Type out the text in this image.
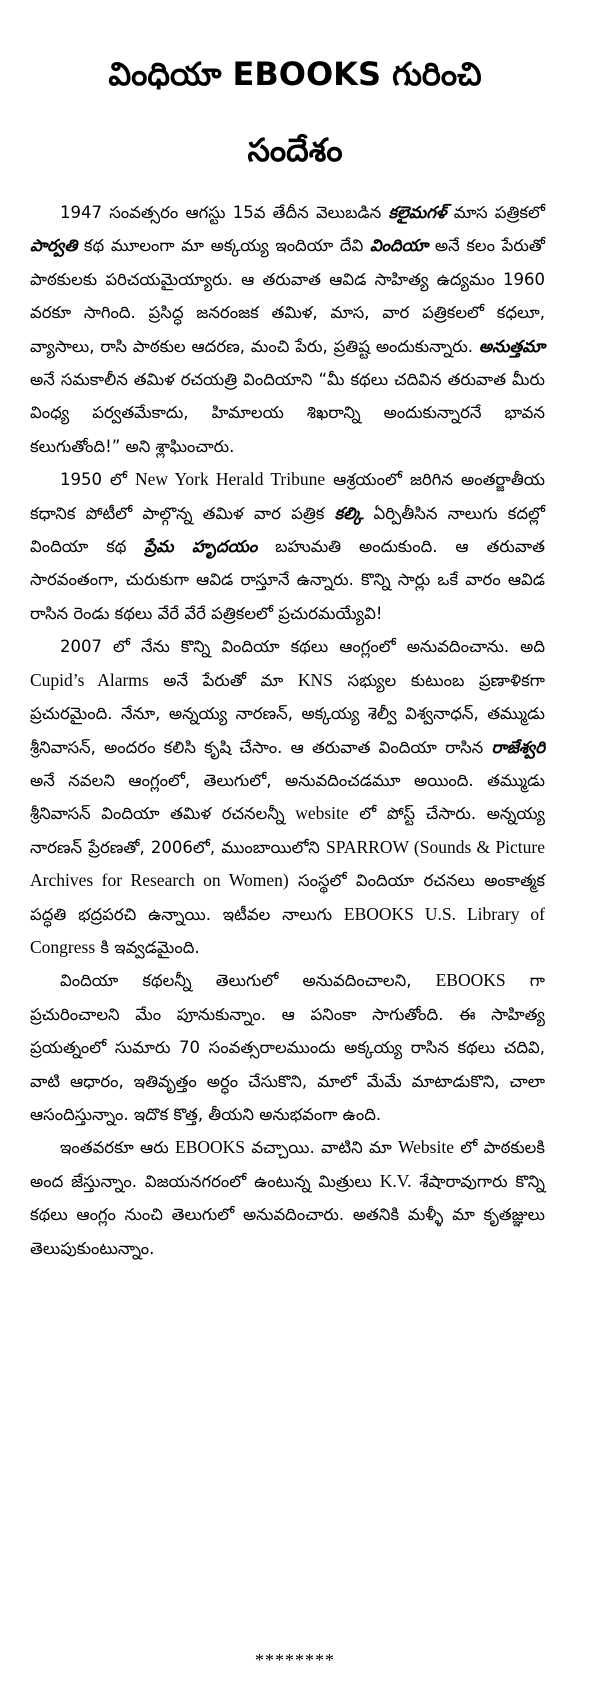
వింధియా EBOOKS గురించి
సందేశం

1947 సంవత్సరం ఆగస్టు 15వ తేదీన వెలుబడిన కలైమగళ్ మాస పత్రికలో పార్వతి కథ మూలంగా మా అక్కయ్య ఇందియా దేవి విందియా అనే కలం పేరుతో పాఠకులకు పరిచయమైయ్యారు. ఆ తరువాత ఆవిడ సాహిత్య ఉద్యమం 1960 వరకూ సాగింది. ప్రసిద్ధ జనరంజక తమిళ, మాస, వార పత్రికలలో కధలూ, వ్యాసాలు, రాసి పాఠకుల ఆదరణ, మంచి పేరు, ప్రతిష్ట అందుకున్నారు. అనుత్తమా అనే సమకాలీన తమిళ రచయత్రి విందియాని “మీ కథలు చదివిన తరువాత మీరు వింధ్య పర్వతమేకాదు, హిమాలయ శిఖరాన్ని అందుకున్నారనే భావన కలుగుతోంది!” అని శ్లాఘించారు.

1950 లో New York Herald Tribune ఆశ్రయంలో జరిగిన అంతర్జాతీయ కధానిక పోటీలో పాల్గొన్న తమిళ వార పత్రిక కల్కి ఏర్పితీసిన నాలుగు కదల్లో విందియా కథ ప్రేమ హృదయం బహుమతి అందుకుంది. ఆ తరువాత సారవంతంగా, చురుకుగా ఆవిడ రాస్తూనే ఉన్నారు. కొన్ని సార్లు ఒకే వారం ఆవిడ రాసిన రెండు కథలు వేరే వేరే పత్రికలలో ప్రచురమయ్యేవి!

2007 లో నేను కొన్ని విందియా కథలు ఆంగ్లంలో అనువదించాను. అది Cupid’s Alarms అనే పేరుతో మా KNS సభ్యుల కుటుంబ ప్రణాళికగా ప్రచురమైంది. నేనూ, అన్నయ్య నారణన్, అక్కయ్య శెల్వీ విశ్వనాధన్, తమ్ముడు శ్రీనివాసన్, అందరం కలిసి కృషి చేసాం. ఆ తరువాత విందియా రాసిన రాజేశ్వరి అనే నవలని ఆంగ్లంలో, తెలుగులో, అనువదించడమూ అయింది. తమ్ముడు శ్రీనివాసన్ విందియా తమిళ రచనలన్నీ website లో పోస్ట్ చేసారు. అన్నయ్య నారణన్ ప్రేరణతో, 2006లో, ముంబాయిలోని SPARROW (Sounds & Picture Archives for Research on Women) సంస్థలో విందియా రచనలు అంకాత్మక పద్ధతి భద్రపరచి ఉన్నాయి. ఇటీవల నాలుగు EBOOKS U.S. Library of Congress కి ఇవ్వడమైంది.

విందియా కథలన్నీ తెలుగులో అనువదించాలని, EBOOKS గా ప్రచురించాలని మేం పూనుకున్నాం. ఆ పనింకా సాగుతోంది. ఈ సాహిత్య ప్రయత్నంలో సుమారు 70 సంవత్సరాలముందు అక్కయ్య రాసిన కథలు చదివి, వాటి ఆధారం, ఇతివృత్తం అర్ధం చేసుకొని, మాలో మేమే మాటాడుకొని, చాలా ఆసందిస్తున్నాం. ఇదొక కొత్త, తీయని అనుభవంగా ఉంది.

ఇంతవరకూ ఆరు EBOOKS వచ్చాయి. వాటిని మా Website లో పాఠకులకి అంద జేస్తున్నాం. విజయనగరంలో ఉంటున్న మిత్రులు K.V. శేషారావుగారు కొన్ని కథలు ఆంగ్లం నుంచి తెలుగులో అనువదించారు. అతనికి మళ్ళీ మా కృతజ్ఞులు తెలుపుకుంటున్నాం.

********
